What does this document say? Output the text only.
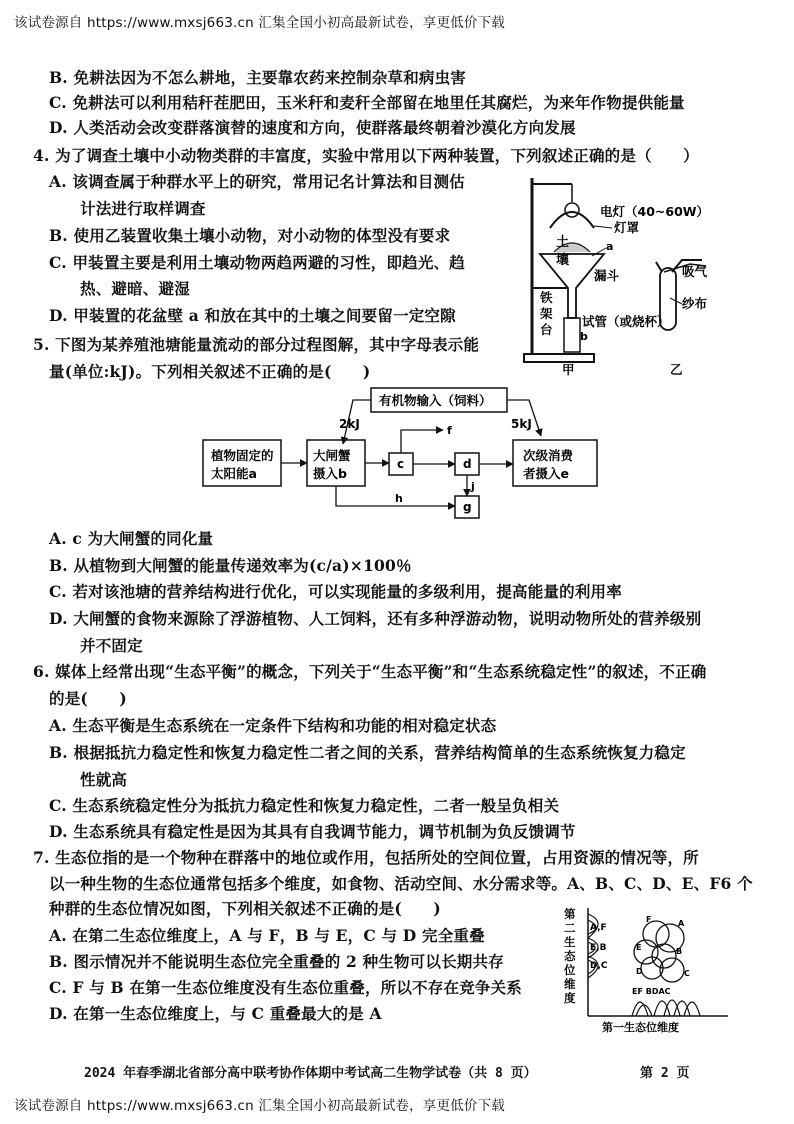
该试卷源自 https://www.mxsj663.cn 汇集全国小初高最新试卷，享更低价下载
B. 免耕法因为不怎么耕地，主要靠农药来控制杂草和病虫害
C. 免耕法可以利用秸秆茬肥田，玉米秆和麦秆全部留在地里任其腐烂，为来年作物提供能量
D. 人类活动会改变群落演替的速度和方向，使群落最终朝着沙漠化方向发展
4. 为了调查土壤中小动物类群的丰富度，实验中常用以下两种装置，下列叙述正确的是（　　）
A. 该调查属于种群水平上的研究，常用记名计算法和目测估
计法进行取样调查
B. 使用乙装置收集土壤小动物，对小动物的体型没有要求
C. 甲装置主要是利用土壤动物两趋两避的习性，即趋光、趋
热、避暗、避湿
D. 甲装置的花盆壁 a 和放在其中的土壤之间要留一定空隙
电灯（40~60W）
灯罩
土
壤
a
漏斗
铁
架
台
试管（或烧杯）
b
吸气
纱布
甲	乙
5. 下图为某养殖池塘能量流动的部分过程图解，其中字母表示能
量(单位:kJ)。下列相关叙述不正确的是(　　)
有机物输入（饲料）
2kJ	5kJ
植物固定的
太阳能a
大闸蟹
摄入b
c
f
d
j
g
h
次级消费
者摄入e
A. c 为大闸蟹的同化量
B. 从植物到大闸蟹的能量传递效率为(c/a)×100％
C. 若对该池塘的营养结构进行优化，可以实现能量的多级利用，提高能量的利用率
D. 大闸蟹的食物来源除了浮游植物、人工饲料，还有多种浮游动物，说明动物所处的营养级别
并不固定
6. 媒体上经常出现“生态平衡”的概念，下列关于“生态平衡”和“生态系统稳定性”的叙述，不正确
的是(　　)
A. 生态平衡是生态系统在一定条件下结构和功能的相对稳定状态
B. 根据抵抗力稳定性和恢复力稳定性二者之间的关系，营养结构简单的生态系统恢复力稳定
性就高
C. 生态系统稳定性分为抵抗力稳定性和恢复力稳定性，二者一般呈负相关
D. 生态系统具有稳定性是因为其具有自我调节能力，调节机制为负反馈调节
7. 生态位指的是一个物种在群落中的地位或作用，包括所处的空间位置，占用资源的情况等，所
以一种生物的生态位通常包括多个维度，如食物、活动空间、水分需求等。A、B、C、D、E、F6 个
种群的生态位情况如图，下列相关叙述不正确的是(　　)
A. 在第二生态位维度上，A 与 F，B 与 E，C 与 D 完全重叠
B. 图示情况并不能说明生态位完全重叠的 2 种生物可以长期共存
C. F 与 B 在第一生态位维度没有生态位重叠，所以不存在竞争关系
D. 在第一生态位维度上，与 C 重叠最大的是 A
第
二
生
态
位
维
度
A,F
E,B
D,C
F	A
E	B
D	C
EF BDAC
第一生态位维度
2024 年春季湖北省部分高中联考协作体期中考试高二生物学试卷（共 8 页）	第 2 页
该试卷源自 https://www.mxsj663.cn 汇集全国小初高最新试卷，享更低价下载
